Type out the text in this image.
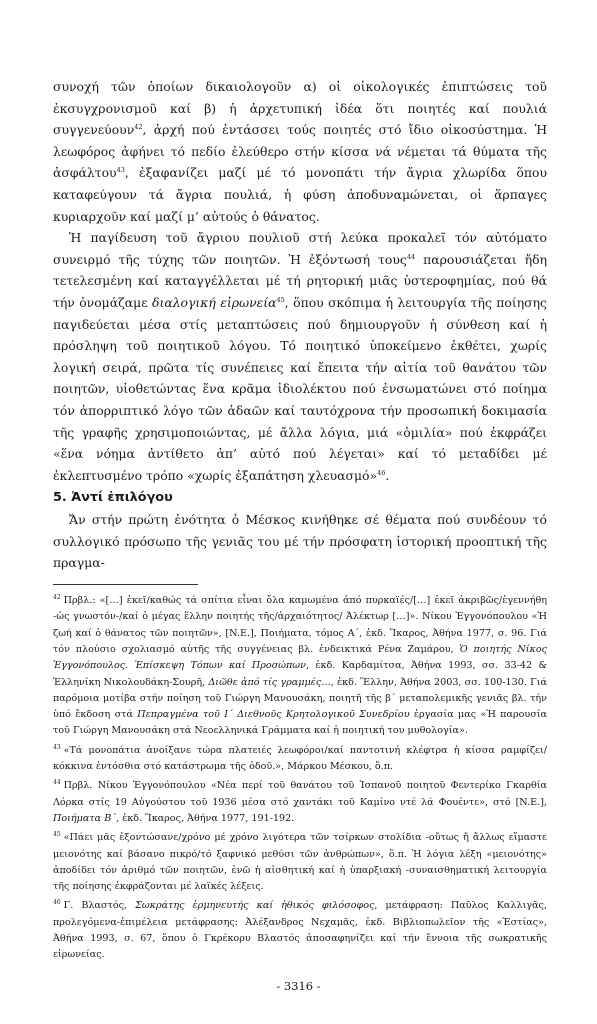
συνοχή τῶν ὁποίων δικαιολογοῦν α) οἰ οἰκολογικές ἐπιπτώσεις τοῦ ἐκσυγχρονισμοῦ καί β) ἡ ἀρχετυπική ἰδέα ὅτι ποιητές καί πουλιά συγγενεύουν$^{42}$, ἀρχή πού ἐντάσσει τούς ποιητές στό ἴδιο οἰκοσύστημα. Ἡ λεωφόρος ἀφήνει τό πεδίο ἐλεύθερο στήν κίσσα νά νέμεται τά θύματα τῆς ἀσφάλτου$^{43}$, ἐξαφανίζει μαζί μέ τό μονοπάτι τήν ἄγρια χλωρίδα ὅπου καταφεύγουν τά ἄγρια πουλιά, ἡ φύση ἀποδυναμώνεται, οἱ ἅρπαγες κυριαρχοῦν καί μαζί μ’ αὐτούς ὁ θάνατος.

Ἡ παγίδευση τοῦ ἄγριου πουλιοῦ στή λεύκα προκαλεῖ τόν αὐτόματο συνειρμό τῆς τύχης τῶν ποιητῶν. Ἡ ἐξόντωσή τους$^{44}$ παρουσιάζεται ἤδη τετελεσμένη καί καταγγέλλεται μέ τή ρητορική μιᾶς ὑστεροφημίας, πού θά τήν ὀνομάζαμε διαλογική εἰρωνεία$^{45}$, ὅπου σκόπιμα ἡ λειτουργία τῆς ποίησης παγιδεύεται μέσα στίς μεταπτώσεις πού δημιουργοῦν ἡ σύνθεση καί ἡ πρόσληψη τοῦ ποιητικοῦ λόγου. Τό ποιητικό ὑποκείμενο ἐκθέτει, χωρίς λογική σειρά, πρῶτα τίς συνέπειες καί ἔπειτα τήν αἰτία τοῦ θανάτου τῶν ποιητῶν, υἱοθετώντας ἕνα κρᾶμα ἰδιολέκτου πού ἐνσωματώνει στό ποίημα τόν ἀπορριπτικό λόγο τῶν ἀδαῶν καί ταυτόχρονα τήν προσωπική δοκιμασία τῆς γραφῆς χρησιμοποιώντας, μέ ἄλλα λόγια, μιά «ὁμιλία» πού ἐκφράζει «ἕνα νόημα ἀντίθετο ἀπ’ αὐτό πού λέγεται» καί τό μεταδίδει μέ ἐκλεπτυσμένο τρόπο «χωρίς ἐξαπάτηση χλευασμό»$^{46}$.

5. Ἀντί ἐπιλόγου

Ἄν στήν πρώτη ἐνότητα ὁ Μέσκος κινήθηκε σέ θέματα πού συνδέουν τό συλλογικό πρόσωπο τῆς γενιᾶς του μέ τήν πρόσφατη ἱστορική προοπτική τῆς πραγμα-

$^{42}$ Πρβλ.: «[…] ἐκεῖ/καθώς τά σπίτια εἶναι ὅλα καμωμένα ἀπό πυρκαϊές/[…] ἐκεῖ ἀκριβῶς/ἐγεννήθη -ὡς γνωστόν-/καί ὁ μέγας ἕλλην ποιητής τῆς/ἀρχαιότητος/ Ἀλέκτωρ […]». Νίκου Ἐγγονόπουλου «Ἡ ζωή καί ὁ θάνατος τῶν ποιητῶν», [N.E.], Ποιήματα, τόμος Α΄, ἐκδ. Ἴκαρος, Ἀθήνα 1977, σ. 96. Γιά τόν πλούσιο σχολιασμό αὐτῆς τῆς συγγένειας βλ. ἐνδεικτικά Ρένα Ζαμάρου, Ὁ ποιητής Νίκος Ἐγγονόπουλος. Ἐπίσκεψη Τόπων καί Προσώπων, ἐκδ. Καρδαμίτσα, Ἀθήνα 1993, σσ. 33-42 & Ἑλληνίκη Νικολουδάκη-Σουρῆ, Διῶθε ἀπό τίς γραμμές…, ἐκδ. Ἕλλην, Ἀθήνα 2003, σσ. 100-130. Γιά παρόμοια μοτίβα στήν ποίηση τοῦ Γιώργη Μανουσάκη, ποιητῆ τῆς β΄ μεταπολεμικῆς γενιᾶς βλ. τήν ὑπό ἔκδοση στά Πεπραγμένα τοῦ Ι΄ Διεθνοῦς Κρητολογικοῦ Συνεδρίου ἐργασία μας «Ἡ παρουσία τοῦ Γιώργη Μανουσάκη στά Νεοελληνικά Γράμματα καί ἡ ποιητική του μυθολογία».

$^{43}$ «Τά μονοπάτια ἀνοίξανε τώρα πλατειές λεωφόροι/καί παντοτινή κλέφτρα ἡ κίσσα ραμφίζει/κόκκινα ἐντόσθια στό κατάστρωμα τῆς ὁδοῦ.», Μάρκου Μέσκου, ὅ.π.

$^{44}$ Πρβλ. Νίκου Ἐγγονόπουλου «Νέα περί τοῦ θανάτου τοῦ Ἱσπανοῦ ποιητοῦ Φεντερίκο Γκαρθία Λόρκα στίς 19 Αὐγούστου τοῦ 1936 μέσα στό χαντάκι τοῦ Καμίνο ντέ λά Φουέντε», στό [N.E.], Ποιήματα Β΄, ἐκδ. Ἴκαρος, Ἀθήνα 1977, 191-192.

$^{45}$ «Πάει μᾶς ἐξοντώσανε/χρόνο μέ χρόνο λιγότερα τῶν τσίρκων στολίδια -οὔτως ἤ ἄλλως εἴμαστε μειονότης καί βάσανο πικρό/τό ξαφνικό μεθύσι τῶν ἀνθρώπων», ὅ.π. Ἡ λόγια λέξη «μειονότης» ἀποδίδει τόν ἀριθμό τῶν ποιητῶν, ἐνῶ ἡ αἰσθητική καί ἡ ὑπαρξιακή -συναισθηματική λειτουργία τῆς ποίησης ἐκφράζονται μέ λαϊκές λέξεις.

$^{46}$ Γ. Βλαστός, Σωκράτης ἑρμηνευτής καί ἠθικός φιλόσοφος, μετάφραση: Παῦλος Καλλιγᾶς, προλεγόμενα-ἐπιμέλεια μετάφρασης: Ἀλέξανδρος Νεχαμᾶς, ἐκδ. Βιβλιοπωλεῖον τῆς «Ἑστίας», Ἀθήνα 1993, σ. 67, ὅπου ὁ Γκρέκορυ Βλαστός ἀποσαφηνίζει καί τήν ἔννοια τῆς σωκρατικῆς εἰρωνείας.

- 3316 -
